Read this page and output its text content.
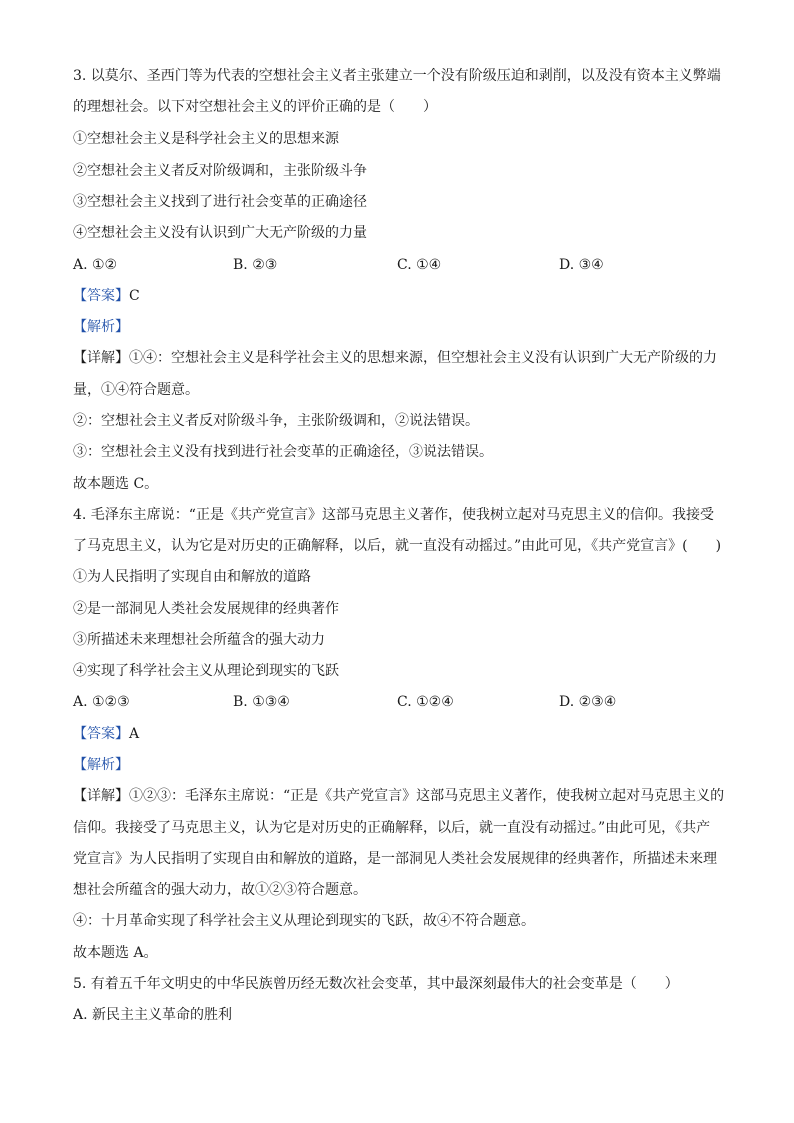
3. 以莫尔、圣西门等为代表的空想社会主义者主张建立一个没有阶级压迫和剥削，以及没有资本主义弊端
的理想社会。以下对空想社会主义的评价正确的是（　　）
①空想社会主义是科学社会主义的思想来源
②空想社会主义者反对阶级调和，主张阶级斗争
③空想社会主义找到了进行社会变革的正确途径
④空想社会主义没有认识到广大无产阶级的力量
A. ①②	B. ②③	C. ①④	D. ③④
【答案】C
【解析】
【详解】①④：空想社会主义是科学社会主义的思想来源，但空想社会主义没有认识到广大无产阶级的力
量，①④符合题意。
②：空想社会主义者反对阶级斗争，主张阶级调和，②说法错误。
③：空想社会主义没有找到进行社会变革的正确途径，③说法错误。
故本题选 C。
4. 毛泽东主席说：“正是《共产党宣言》这部马克思主义著作，使我树立起对马克思主义的信仰。我接受
了马克思主义，认为它是对历史的正确解释，以后，就一直没有动摇过。”由此可见，《共产党宣言》(　　)
①为人民指明了实现自由和解放的道路
②是一部洞见人类社会发展规律的经典著作
③所描述未来理想社会所蕴含的强大动力
④实现了科学社会主义从理论到现实的飞跃
A. ①②③	B. ①③④	C. ①②④	D. ②③④
【答案】A
【解析】
【详解】①②③：毛泽东主席说：“正是《共产党宣言》这部马克思主义著作，使我树立起对马克思主义的
信仰。我接受了马克思主义，认为它是对历史的正确解释，以后，就一直没有动摇过。”由此可见，《共产
党宣言》为人民指明了实现自由和解放的道路，是一部洞见人类社会发展规律的经典著作，所描述未来理
想社会所蕴含的强大动力，故①②③符合题意。
④：十月革命实现了科学社会主义从理论到现实的飞跃，故④不符合题意。
故本题选 A。
5. 有着五千年文明史的中华民族曾历经无数次社会变革，其中最深刻最伟大的社会变革是（　　）
A. 新民主主义革命的胜利
